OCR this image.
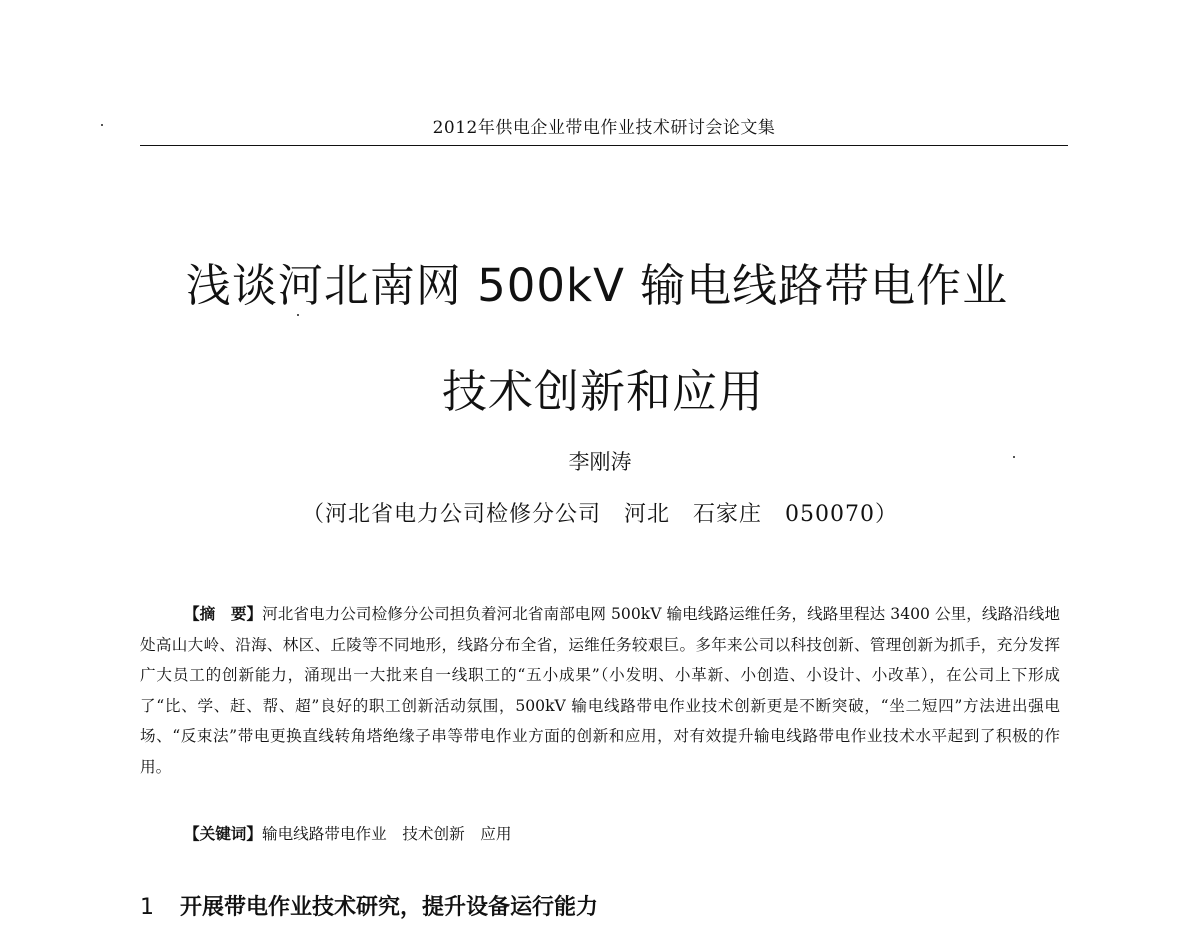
2012年供电企业带电作业技术研讨会论文集
浅谈河北南网 500kV 输电线路带电作业
技术创新和应用
李刚涛
（河北省电力公司检修分公司　河北　石家庄　050070）

【摘　要】河北省电力公司检修分公司担负着河北省南部电网 500kV 输电线路运维任务，线路里程达 3400 公里，线路沿线地处高山大岭、沿海、林区、丘陵等不同地形，线路分布全省，运维任务较艰巨。多年来公司以科技创新、管理创新为抓手，充分发挥广大员工的创新能力，涌现出一大批来自一线职工的“五小成果”（小发明、小革新、小创造、小设计、小改革），在公司上下形成了“比、学、赶、帮、超”良好的职工创新活动氛围，500kV 输电线路带电作业技术创新更是不断突破，“坐二短四”方法进出强电场、“反束法”带电更换直线转角塔绝缘子串等带电作业方面的创新和应用，对有效提升输电线路带电作业技术水平起到了积极的作用。

【关键词】输电线路带电作业　技术创新　应用

1 开展带电作业技术研究，提升设备运行能力
